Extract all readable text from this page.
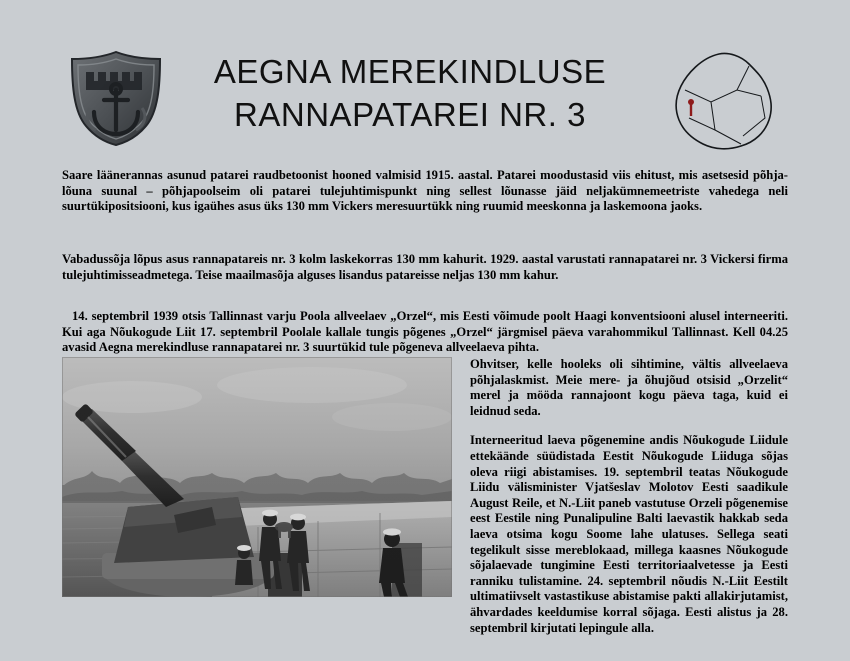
AEGNA MEREKINDLUSE
RANNAPATAREI NR. 3
Saare läänerannas asunud patarei raudbetoonist hooned valmisid 1915. aastal. Patarei moodustasid viis ehitust, mis asetsesid põhja-lõuna suunal – põhjapoolseim oli patarei tulejuhtimispunkt ning sellest lõunasse jäid neljakümnemeetriste vahedega neli suurtükipositsiooni, kus igaühes asus üks 130 mm Vickers meresuurtükk ning ruumid meeskonna ja laskemoona jaoks.
Vabadussõja lõpus asus rannapatareis nr. 3 kolm laskekorras 130 mm kahurit. 1929. aastal varustati rannapatarei nr. 3 Vickersi firma tulejuhtimisseadmetega. Teise maailmasõja alguses lisandus patareisse neljas 130 mm kahur.
14. septembril 1939 otsis Tallinnast varju Poola allveelaev „Orzel“, mis Eesti võimude poolt Haagi konventsiooni alusel interneeriti. Kui aga Nõukogude Liit 17. septembril Poolale kallale tungis põgenes „Orzel“ järgmisel päeva varahommikul Tallinnast. Kell 04.25 avasid Aegna merekindluse rannapatarei nr. 3 suurtükid tule põgeneva allveelaeva pihta.
Ohvitser, kelle hooleks oli sihtimine, vältis allveelaeva põhjalaskmist. Meie mere- ja õhujõud otsisid „Orzelit“ merel ja mööda rannajoont kogu päeva taga, kuid ei leidnud seda.
Interneeritud laeva põgenemine andis Nõukogude Liidule ettekäände süüdistada Eestit Nõukogude Liiduga sõjas oleva riigi abistamises. 19. septembril teatas Nõukogude Liidu välisminister Vjatšeslav Molotov Eesti saadikule August Reile, et N.-Liit paneb vastutuse Orzeli põgenemise eest Eestile ning Punalipuline Balti laevastik hakkab seda laeva otsima kogu Soome lahe ulatuses. Sellega seati tegelikult sisse mereblokaad, millega kaasnes Nõukogude sõjalaevade tungimine Eesti territoriaalvetesse ja Eesti ranniku tulistamine. 24. septembril nõudis N.-Liit Eestilt ultimatiivselt vastastikuse abistamise pakti allakirjutamist, ähvardades keeldumise korral sõjaga. Eesti alistus ja 28. septembril kirjutati lepingule alla.
